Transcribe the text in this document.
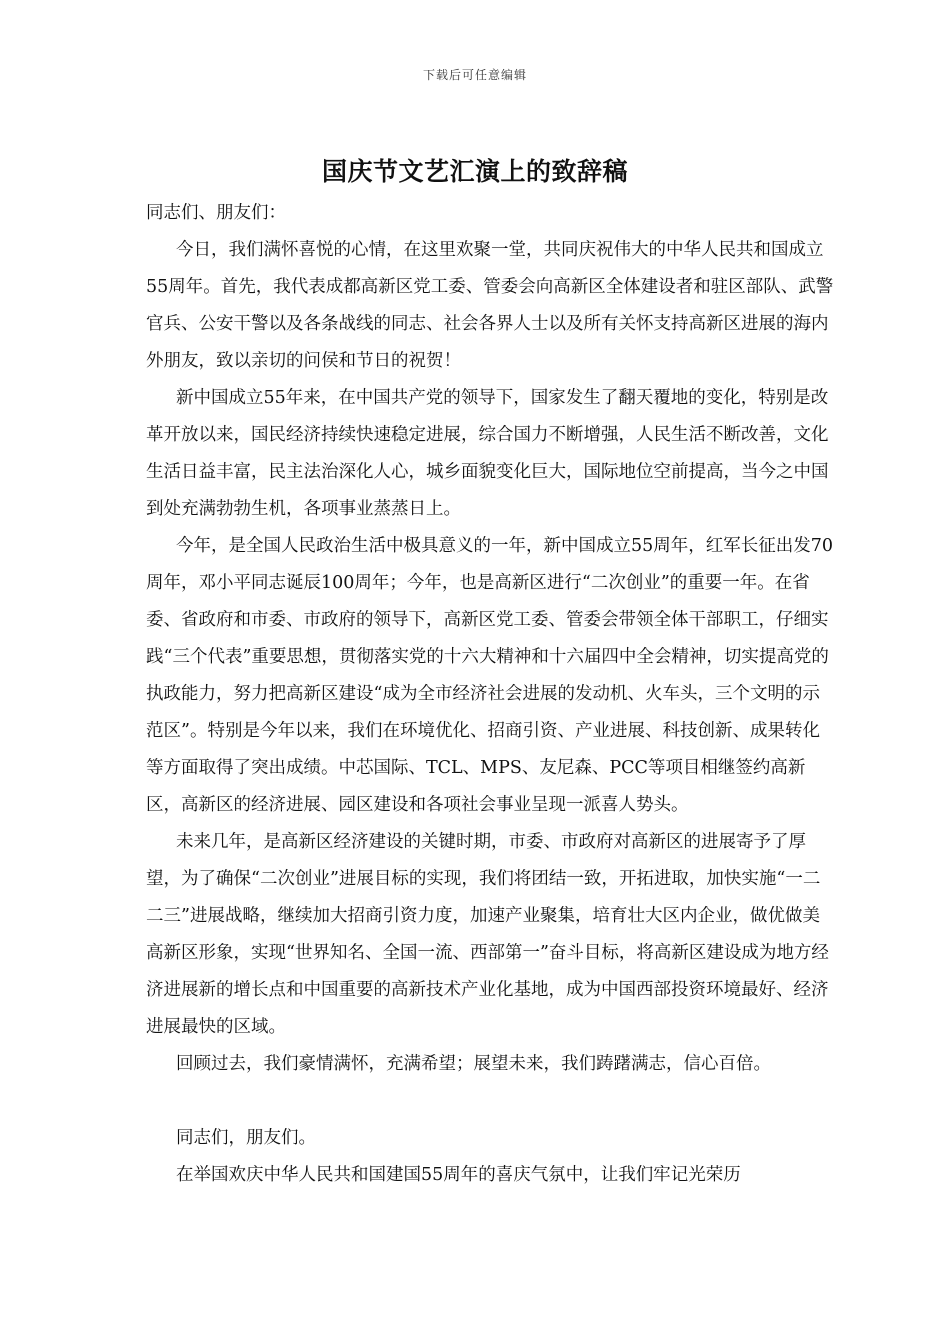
下载后可任意编辑
国庆节文艺汇演上的致辞稿

同志们、朋友们：

今日，我们满怀喜悦的心情，在这里欢聚一堂，共同庆祝伟大的中华人民共和国成立55周年。首先，我代表成都高新区党工委、管委会向高新区全体建设者和驻区部队、武警官兵、公安干警以及各条战线的同志、社会各界人士以及所有关怀支持高新区进展的海内外朋友，致以亲切的问侯和节日的祝贺！

新中国成立55年来，在中国共产党的领导下，国家发生了翻天覆地的变化，特别是改革开放以来，国民经济持续快速稳定进展，综合国力不断增强，人民生活不断改善，文化生活日益丰富，民主法治深化人心，城乡面貌变化巨大，国际地位空前提高，当今之中国到处充满勃勃生机，各项事业蒸蒸日上。

今年，是全国人民政治生活中极具意义的一年，新中国成立55周年，红军长征出发70周年，邓小平同志诞辰100周年；今年，也是高新区进行“二次创业”的重要一年。在省委、省政府和市委、市政府的领导下，高新区党工委、管委会带领全体干部职工，仔细实践“三个代表”重要思想，贯彻落实党的十六大精神和十六届四中全会精神，切实提高党的执政能力，努力把高新区建设“成为全市经济社会进展的发动机、火车头，三个文明的示范区”。特别是今年以来，我们在环境优化、招商引资、产业进展、科技创新、成果转化等方面取得了突出成绩。中芯国际、TCL、MPS、友尼森、PCC等项目相继签约高新区，高新区的经济进展、园区建设和各项社会事业呈现一派喜人势头。

未来几年，是高新区经济建设的关键时期，市委、市政府对高新区的进展寄予了厚望，为了确保“二次创业”进展目标的实现，我们将团结一致，开拓进取，加快实施“一二二三”进展战略，继续加大招商引资力度，加速产业聚集，培育壮大区内企业，做优做美高新区形象，实现“世界知名、全国一流、西部第一”奋斗目标，将高新区建设成为地方经济进展新的增长点和中国重要的高新技术产业化基地，成为中国西部投资环境最好、经济进展最快的区域。

回顾过去，我们豪情满怀，充满希望；展望未来，我们踌躇满志，信心百倍。

同志们，朋友们。

在举国欢庆中华人民共和国建国55周年的喜庆气氛中，让我们牢记光荣历
